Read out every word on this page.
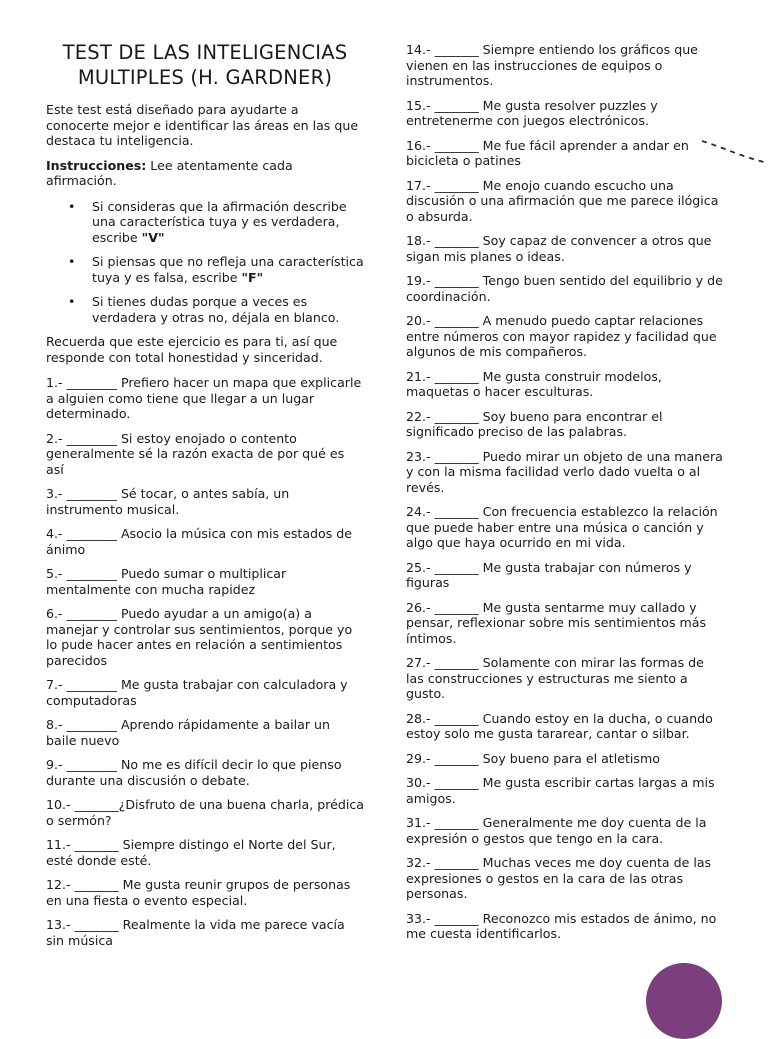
TEST DE LAS INTELIGENCIAS
MULTIPLES (H. GARDNER)

Este test está diseñado para ayudarte a conocerte mejor e identificar las áreas en las que destaca tu inteligencia.

Instrucciones: Lee atentamente cada afirmación.

• Si consideras que la afirmación describe una característica tuya y es verdadera, escribe "V"
• Si piensas que no refleja una característica tuya y es falsa, escribe "F"
• Si tienes dudas porque a veces es verdadera y otras no, déjala en blanco.

Recuerda que este ejercicio es para ti, así que responde con total honestidad y sinceridad.

1.- ________ Prefiero hacer un mapa que explicarle a alguien como tiene que llegar a un lugar determinado.

2.- ________ Si estoy enojado o contento generalmente sé la razón exacta de por qué es así

3.- ________ Sé tocar, o antes sabía, un instrumento musical.

4.- ________ Asocio la música con mis estados de ánimo

5.- ________ Puedo sumar o multiplicar mentalmente con mucha rapidez

6.- ________ Puedo ayudar a un amigo(a) a manejar y controlar sus sentimientos, porque yo lo pude hacer antes en relación a sentimientos parecidos

7.- ________ Me gusta trabajar con calculadora y computadoras

8.- ________ Aprendo rápidamente a bailar un baile nuevo

9.- ________ No me es difícil decir lo que pienso durante una discusión o debate.

10.- _______¿Disfruto de una buena charla, prédica o sermón?

11.- _______ Siempre distingo el Norte del Sur, esté donde esté.

12.- _______ Me gusta reunir grupos de personas en una fiesta o evento especial.

13.- _______ Realmente la vida me parece vacía sin música

14.- _______ Siempre entiendo los gráficos que vienen en las instrucciones de equipos o instrumentos.

15.- _______ Me gusta resolver puzzles y entretenerme con juegos electrónicos.

16.- _______ Me fue fácil aprender a andar en bicicleta o patines

17.- _______ Me enojo cuando escucho una discusión o una afirmación que me parece ilógica o absurda.

18.- _______ Soy capaz de convencer a otros que sigan mis planes o ideas.

19.- _______ Tengo buen sentido del equilibrio y de coordinación.

20.- _______ A menudo puedo captar relaciones entre números con mayor rapidez y facilidad que algunos de mis compañeros.

21.- _______ Me gusta construir modelos, maquetas o hacer esculturas.

22.- _______ Soy bueno para encontrar el significado preciso de las palabras.

23.- _______ Puedo mirar un objeto de una manera y con la misma facilidad verlo dado vuelta o al revés.

24.- _______ Con frecuencia establezco la relación que puede haber entre una música o canción y algo que haya ocurrido en mi vida.

25.- _______ Me gusta trabajar con números y figuras

26.- _______ Me gusta sentarme muy callado y pensar, reflexionar sobre mis sentimientos más íntimos.

27.- _______ Solamente con mirar las formas de las construcciones y estructuras me siento a gusto.

28.- _______ Cuando estoy en la ducha, o cuando estoy solo me gusta tararear, cantar o silbar.

29.- _______ Soy bueno para el atletismo

30.- _______ Me gusta escribir cartas largas a mis amigos.

31.- _______ Generalmente me doy cuenta de la expresión o gestos que tengo en la cara.

32.- _______ Muchas veces me doy cuenta de las expresiones o gestos en la cara de las otras personas.

33.- _______ Reconozco mis estados de ánimo, no me cuesta identificarlos.
